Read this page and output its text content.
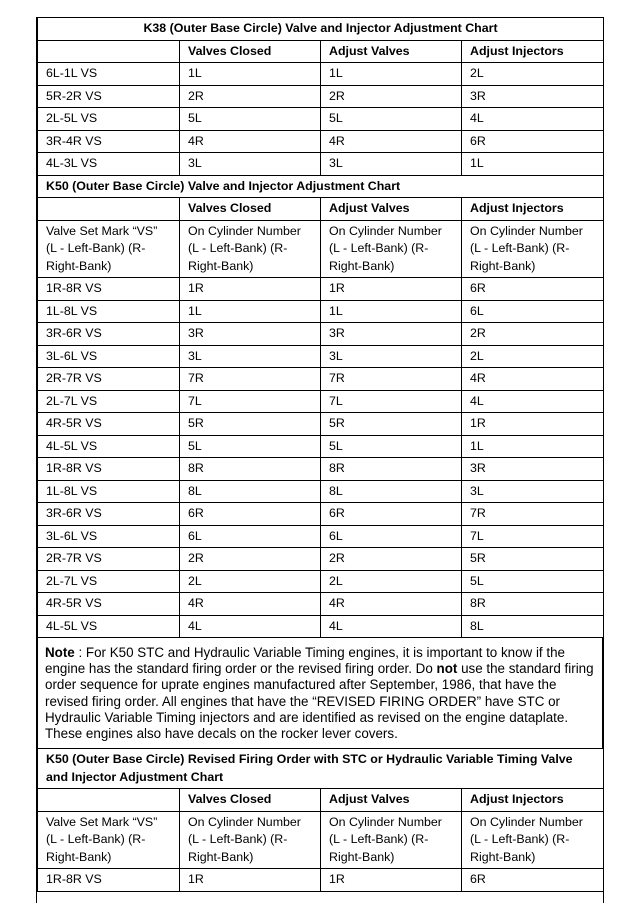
K38 (Outer Base Circle) Valve and Injector Adjustment Chart			
	Valves Closed	Adjust Valves	Adjust Injectors
6L-1L VS	1L	1L	2L
5R-2R VS	2R	2R	3R
2L-5L VS	5L	5L	4L
3R-4R VS	4R	4R	6R
4L-3L VS	3L	3L	1L
K50 (Outer Base Circle) Valve and Injector Adjustment Chart			
	Valves Closed	Adjust Valves	Adjust Injectors
Valve Set Mark “VS” (L - Left-Bank) (R-Right-Bank)	On Cylinder Number (L - Left-Bank) (R-Right-Bank)	On Cylinder Number (L - Left-Bank) (R-Right-Bank)	On Cylinder Number (L - Left-Bank) (R-Right-Bank)
1R-8R VS	1R	1R	6R
1L-8L VS	1L	1L	6L
3R-6R VS	3R	3R	2R
3L-6L VS	3L	3L	2L
2R-7R VS	7R	7R	4R
2L-7L VS	7L	7L	4L
4R-5R VS	5R	5R	1R
4L-5L VS	5L	5L	1L
1R-8R VS	8R	8R	3R
1L-8L VS	8L	8L	3L
3R-6R VS	6R	6R	7R
3L-6L VS	6L	6L	7L
2R-7R VS	2R	2R	5R
2L-7L VS	2L	2L	5L
4R-5R VS	4R	4R	8R
4L-5L VS	4L	4L	8L
Note : For K50 STC and Hydraulic Variable Timing engines, it is important to know if the engine has the standard firing order or the revised firing order. Do not use the standard firing order sequence for uprate engines manufactured after September, 1986, that have the revised firing order. All engines that have the “REVISED FIRING ORDER” have STC or Hydraulic Variable Timing injectors and are identified as revised on the engine dataplate. These engines also have decals on the rocker lever covers.
K50 (Outer Base Circle) Revised Firing Order with STC or Hydraulic Variable Timing Valve and Injector Adjustment Chart			
	Valves Closed	Adjust Valves	Adjust Injectors
Valve Set Mark “VS” (L - Left-Bank) (R-Right-Bank)	On Cylinder Number (L - Left-Bank) (R-Right-Bank)	On Cylinder Number (L - Left-Bank) (R-Right-Bank)	On Cylinder Number (L - Left-Bank) (R-Right-Bank)
1R-8R VS	1R	1R	6R
